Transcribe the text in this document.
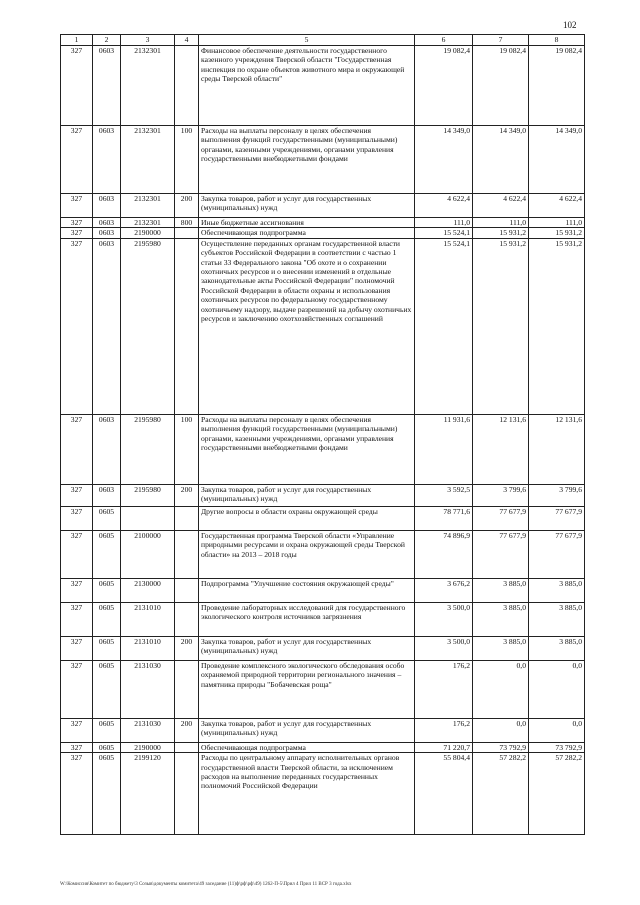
102
1	2	3	4	5	6	7	8
327	0603	2132301		Финансовое обеспечение деятельности государственного казенного учреждения Тверской области "Государственная инспекция по охране объектов животного мира и окружающей среды Тверской области"	19 082,4	19 082,4	19 082,4
327	0603	2132301	100	Расходы на выплаты персоналу в целях обеспечения выполнения функций государственными (муниципальными) органами, казенными учреждениями, органами управления государственными внебюджетными фондами	14 349,0	14 349,0	14 349,0
327	0603	2132301	200	Закупка товаров, работ и услуг для государственных (муниципальных) нужд	4 622,4	4 622,4	4 622,4
327	0603	2132301	800	Иные бюджетные ассигнования	111,0	111,0	111,0
327	0603	2190000		Обеспечивающая подпрограмма	15 524,1	15 931,2	15 931,2
327	0603	2195980		Осуществление переданных органам государственной власти субъектов Российской Федерации в соответствии с частью 1 статьи 33 Федерального закона "Об охоте и о сохранении охотничьих ресурсов и о внесении изменений в отдельные законодательные акты Российской Федерации" полномочий Российской Федерации в области охраны и использования охотничьих ресурсов по федеральному государственному охотничьему надзору, выдаче разрешений на добычу охотничьих ресурсов и заключению охотхозяйственных соглашений	15 524,1	15 931,2	15 931,2
327	0603	2195980	100	Расходы на выплаты персоналу в целях обеспечения выполнения функций государственными (муниципальными) органами, казенными учреждениями, органами управления государственными внебюджетными фондами	11 931,6	12 131,6	12 131,6
327	0603	2195980	200	Закупка товаров, работ и услуг для государственных (муниципальных) нужд	3 592,5	3 799,6	3 799,6
327	0605			Другие вопросы в области охраны окружающей среды	78 771,6	77 677,9	77 677,9
327	0605	2100000		Государственная программа Тверской области «Управление природными ресурсами и охрана окружающей среды Тверской области» на 2013 – 2018 годы	74 896,9	77 677,9	77 677,9
327	0605	2130000		Подпрограмма "Улучшение состояния окружающей среды"	3 676,2	3 885,0	3 885,0
327	0605	2131010		Проведение лабораторных исследований для государственного экологического контроля источников загрязнения	3 500,0	3 885,0	3 885,0
327	0605	2131010	200	Закупка товаров, работ и услуг для государственных (муниципальных) нужд	3 500,0	3 885,0	3 885,0
327	0605	2131030		Проведение комплексного экологического обследования особо охраняемой природной территории регионального значения – памятника природы "Бобачевская роща"	176,2	0,0	0,0
327	0605	2131030	200	Закупка товаров, работ и услуг для государственных (муниципальных) нужд	176,2	0,0	0,0
327	0605	2190000		Обеспечивающая подпрограмма	71 220,7	73 792,9	73 792,9
327	0605	2199120		Расходы по центральному аппарату исполнительных органов государственной власти Тверской области, за исключением расходов на выполнение переданных государственных полномочий Российской Федерации	55 804,4	57 282,2	57 282,2
W:\Комиссия\Комитет по бюджету\3 Созыв\документы комитета\49 заседание (11)ф\рф\рф\49) 1262-П-5\Прил 4 Прил 11 ВСР 3 года.xlsx
